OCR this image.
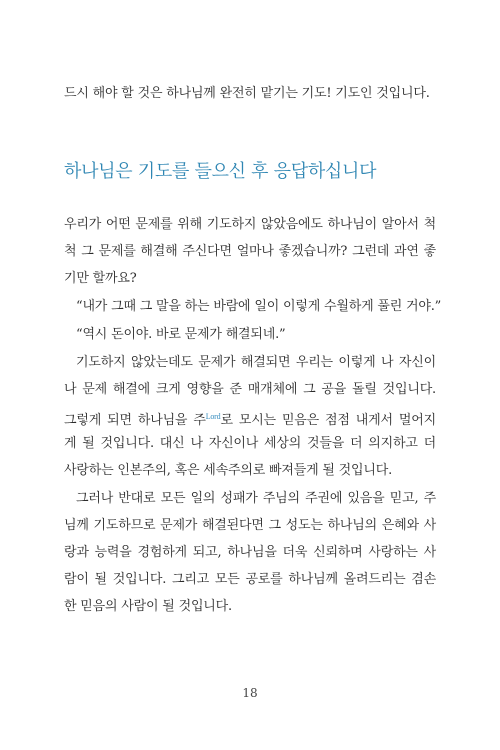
드시 해야 할 것은 하나님께 완전히 맡기는 기도! 기도인 것입니다.
하나님은 기도를 들으신 후 응답하십니다
우리가 어떤 문제를 위해 기도하지 않았음에도 하나님이 알아서 척
척 그 문제를 해결해 주신다면 얼마나 좋겠습니까? 그런데 과연 좋
기만 할까요?
“내가 그때 그 말을 하는 바람에 일이 이렇게 수월하게 풀린 거야.”
“역시 돈이야. 바로 문제가 해결되네.”
기도하지 않았는데도 문제가 해결되면 우리는 이렇게 나 자신이
나 문제 해결에 크게 영향을 준 매개체에 그 공을 돌릴 것입니다.
그렇게 되면 하나님을 주$^{Lord}$로 모시는 믿음은 점점 내게서 멀어지
게 될 것입니다. 대신 나 자신이나 세상의 것들을 더 의지하고 더
사랑하는 인본주의, 혹은 세속주의로 빠져들게 될 것입니다.
그러나 반대로 모든 일의 성패가 주님의 주권에 있음을 믿고, 주
님께 기도하므로 문제가 해결된다면 그 성도는 하나님의 은혜와 사
랑과 능력을 경험하게 되고, 하나님을 더욱 신뢰하며 사랑하는 사
람이 될 것입니다. 그리고 모든 공로를 하나님께 올려드리는 겸손
한 믿음의 사람이 될 것입니다.
18
